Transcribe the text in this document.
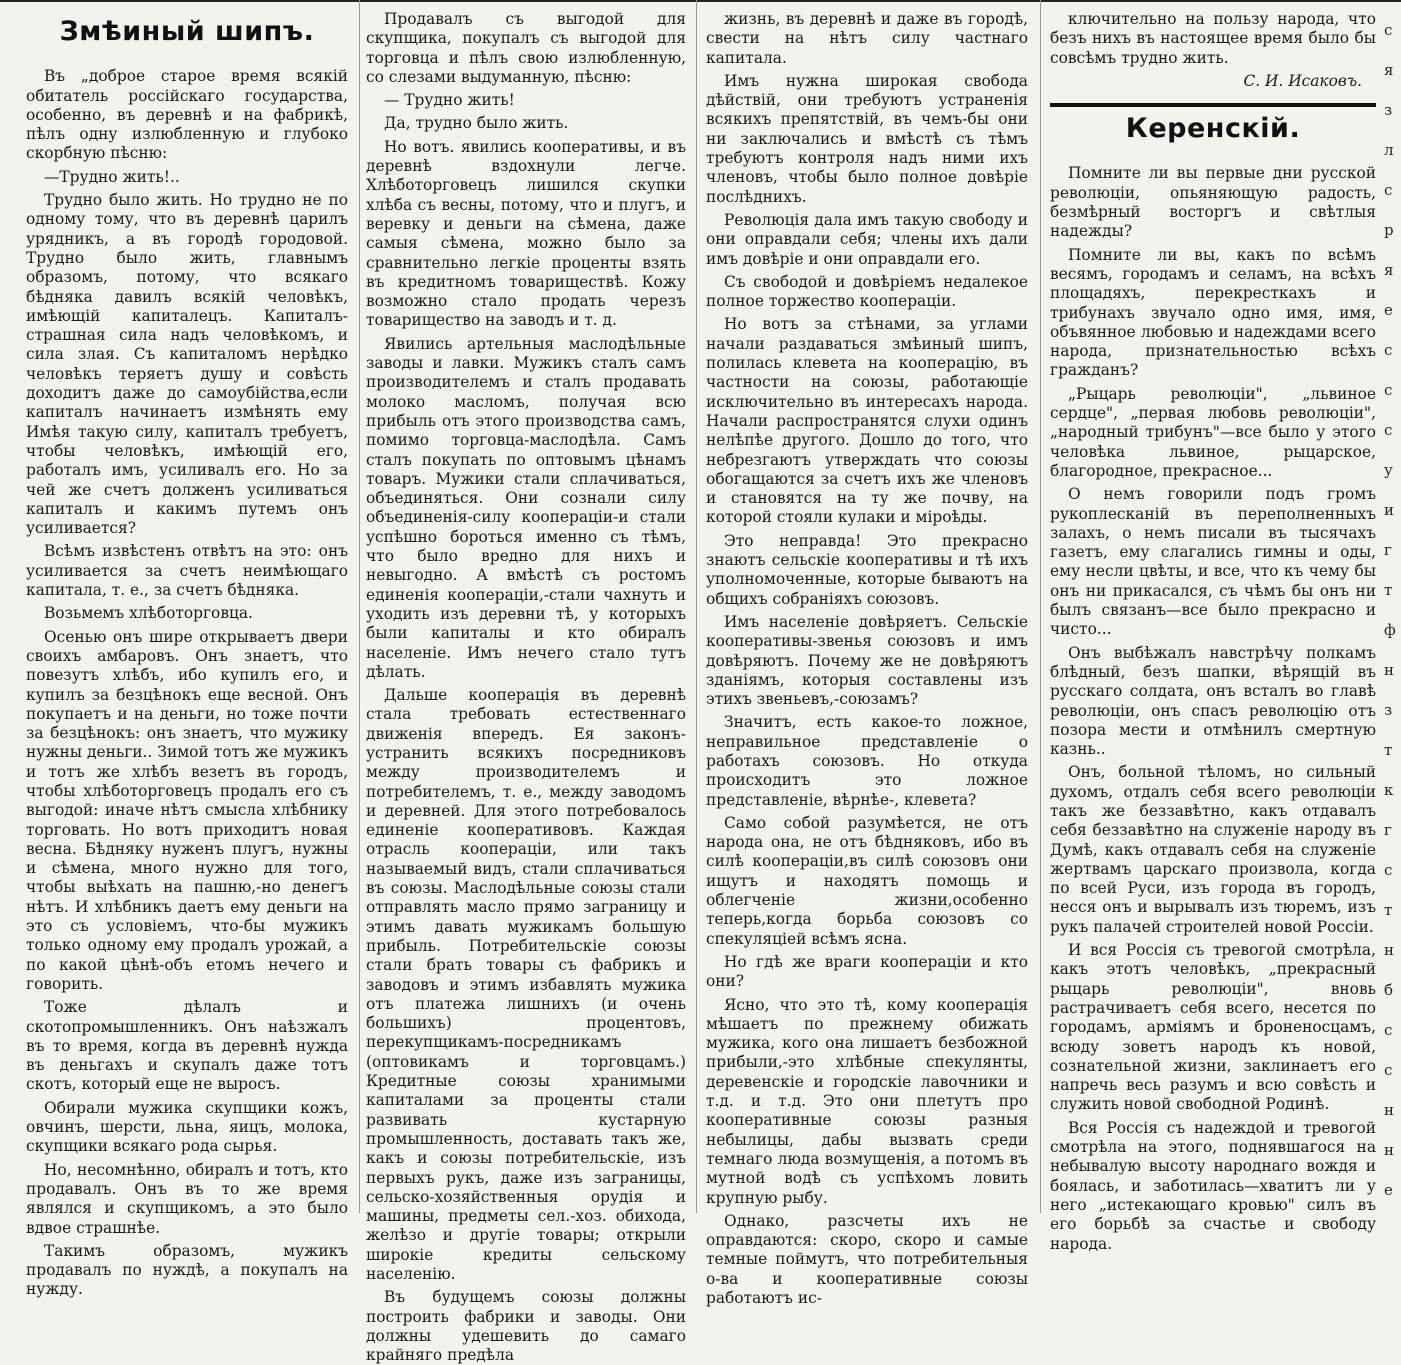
Змѣиный шипъ.

Въ „доброе старое время всякій обитатель россійскаго государства, особенно, въ деревнѣ и на фабрикѣ, пѣлъ одну излюбленную и глубоко скорбную пѣсню:

—Трудно жить!..

Трудно было жить. Но трудно не по одному тому, что въ деревнѣ царилъ урядникъ, а въ городѣ городовой. Трудно было жить, главнымъ образомъ, потому, что всякаго бѣдняка давилъ всякій человѣкъ, имѣющій капиталецъ. Капиталъ-страшная сила надъ человѣкомъ, и сила злая. Съ капиталомъ нерѣдко человѣкъ теряетъ душу и совѣсть доходитъ даже до самоубійства,если капиталъ начинаетъ измѣнять ему Имѣя такую силу, капиталъ требуетъ, чтобы человѣкъ, имѣющій его, работалъ имъ, усиливалъ его. Но за чей же счетъ долженъ усиливаться капиталъ и какимъ путемъ онъ усиливается?

Всѣмъ извѣстенъ отвѣтъ на это: онъ усиливается за счетъ неимѣющаго капитала, т. е., за счетъ бѣдняка.

Возьмемъ хлѣботорговца.

Осенью онъ шире открываетъ двери своихъ амбаровъ. Онъ знаетъ, что повезутъ хлѣбъ, ибо купилъ его, и купилъ за безцѣнокъ еще весной. Онъ покупаетъ и на деньги, но тоже почти за безцѣнокъ: онъ знаетъ, что мужику нужны деньги.. Зимой тотъ же мужикъ и тотъ же хлѣбъ везетъ въ городъ, чтобы хлѣботорговецъ продалъ его съ выгодой: иначе нѣтъ смысла хлѣбнику торговать. Но вотъ приходитъ новая весна. Бѣдняку нуженъ плугъ, нужны и сѣмена, много нужно для того, чтобы выѣхать на пашню,-но денегъ нѣтъ. И хлѣбникъ даетъ ему деньги на это съ условіемъ, что-бы мужикъ только одному ему продалъ урожай, а по какой цѣнѣ-объ етомъ нечего и говорить.

Тоже дѣлалъ и скотопромышленникъ. Онъ наѣзжалъ въ то время, когда въ деревнѣ нужда въ деньгахъ и скупалъ даже тотъ скотъ, который еще не выросъ.

Обирали мужика скупщики кожъ, овчинъ, шерсти, льна, яицъ, молока, скупщики всякаго рода сырья.

Но, несомнѣнно, обиралъ и тотъ, кто продавалъ. Онъ въ то же время являлся и скупщикомъ, а это было вдвое страшнѣе.

Такимъ образомъ, мужикъ продавалъ по нуждѣ, а покупалъ на нужду.

Продавалъ съ выгодой для скупщика, покупалъ съ выгодой для торговца и пѣлъ свою излюбленную, со слезами выдуманную, пѣсню:

— Трудно жить!

Да, трудно было жить.

Но вотъ. явились кооперативы, и въ деревнѣ вздохнули легче. Хлѣботорговецъ лишился скупки хлѣба съ весны, потому, что и плугъ, и веревку и деньги на сѣмена, даже самыя сѣмена, можно было за сравнительно легкіе проценты взять въ кредитномъ товариществѣ. Кожу возможно стало продать черезъ товарищество на заводъ и т. д.

Явились артельныя маслодѣльные заводы и лавки. Мужикъ сталъ самъ производителемъ и сталъ продавать молоко масломъ, получая всю прибыль отъ этого производства самъ, помимо торговца-маслодѣла. Самъ сталъ покупать по оптовымъ цѣнамъ товаръ. Мужики стали сплачиваться, объединяться. Они сознали силу объединенія-силу коопераціи-и стали успѣшно бороться именно съ тѣмъ, что было вредно для нихъ и невыгодно. А вмѣстѣ съ ростомъ единенія коопераціи,-стали чахнуть и уходить изъ деревни тѣ, у которыхъ были капиталы и кто обиралъ населеніе. Имъ нечего стало тутъ дѣлать.

Дальше кооперація въ деревнѣ стала требовать естественнаго движенія впередъ. Ея законъ-устранить всякихъ посредниковъ между производителемъ и потребителемъ, т. е., между заводомъ и деревней. Для этого потребовалось единеніе кооперативовъ. Каждая отрасль коопераціи, или такъ называемый видъ, стали сплачиваться въ союзы. Маслодѣльные союзы стали отправлять масло прямо заграницу и этимъ давать мужикамъ большую прибыль. Потребительскіе союзы стали брать товары съ фабрикъ и заводовъ и этимъ избавлять мужика отъ платежа лишнихъ (и очень большихъ) процентовъ, перекупщикамъ-посредникамъ (оптовикамъ и торговцамъ.) Кредитные союзы хранимыми капиталами за проценты стали развивать кустарную промышленность, доставать такъ же, какъ и союзы потребительскіе, изъ первыхъ рукъ, даже изъ заграницы, сельско-хозяйственныя орудія и машины, предметы сел.-хоз. обихода, желѣзо и другіе товары; открыли широкіе кредиты сельскому населенію.

Въ будущемъ союзы должны построить фабрики и заводы. Они должны удешевить до самаго крайняго предѣла

жизнь, въ деревнѣ и даже въ городѣ, свести на нѣтъ силу частнаго капитала.

Имъ нужна широкая свобода дѣйствій, они требуютъ устраненія всякихъ препятствій, въ чемъ-бы они ни заключались и вмѣстѣ съ тѣмъ требуютъ контроля надъ ними ихъ членовъ, чтобы было полное довѣріе послѣднихъ.

Революція дала имъ такую свободу и они оправдали себя; члены ихъ дали имъ довѣріе и они оправдали его.

Съ свободой и довѣріемъ недалекое полное торжество коопераціи.

Но вотъ за стѣнами, за углами начали раздаваться змѣиный шипъ, полилась клевета на кооперацію, въ частности на союзы, работающіе исключительно въ интересахъ народа. Начали распространятся слухи одинъ нелѣпѣе другого. Дошло до того, что небрезгаютъ утверждать что союзы обогащаются за счетъ ихъ же членовъ и становятся на ту же почву, на которой стояли кулаки и міроѣды.

Это неправда! Это прекрасно знаютъ сельскіе кооперативы и тѣ ихъ уполномоченные, которые бываютъ на общихъ собраніяхъ союзовъ.

Имъ населеніе довѣряетъ. Сельскіе кооперативы-звенья союзовъ и имъ довѣряютъ. Почему же не довѣряютъ зданіямъ, которыя составлены изъ этихъ звеньевъ,-союзамъ?

Значитъ, есть какое-то ложное, неправильное представленіе о работахъ союзовъ. Но откуда происходитъ это ложное представленіе, вѣрнѣе-, клевета?

Само собой разумѣется, не отъ народа она, не отъ бѣдняковъ, ибо въ силѣ коопераціи,въ силѣ союзовъ они ищутъ и находятъ помощь и облегченіе жизни,особенно теперь,когда борьба союзовъ со спекуляціей всѣмъ ясна.

Но гдѣ же враги коопераціи и кто они?

Ясно, что это тѣ, кому кооперація мѣшаетъ по прежнему обижать мужика, кого она лишаетъ безбожной прибыли,-это хлѣбные спекулянты, деревенскіе и городскіе лавочники и т.д. и т.д. Это они плетутъ про кооперативные союзы разныя небылицы, дабы вызвать среди темнаго люда возмущенія, а потомъ въ мутной водѣ съ успѣхомъ ловить крупную рыбу.

Однако, разсчеты ихъ не оправдаются: скоро, скоро и самые темные поймутъ, что потребительныя о-ва и кооперативные союзы работаютъ ис-

ключительно на пользу народа, что безъ нихъ въ настоящее время было бы совсѣмъ трудно жить.

С. И. Исаковъ.
Керенскій.

Помните ли вы первые дни русской революціи, опьяняющую радость, безмѣрный восторгъ и свѣтлыя надежды?

Помните ли вы, какъ по всѣмъ весямъ, городамъ и селамъ, на всѣхъ площадяхъ, перекресткахъ и трибунахъ звучало одно имя, имя, объвянное любовью и надеждами всего народа, признательностью всѣхъ гражданъ?

„Рыцарь революціи", „львиное сердце", „первая любовь революціи", „народный трибунъ"—все было у этого человѣка львиное, рыцарское, благородное, прекрасное...

О немъ говорили подъ громъ рукоплесканій въ переполненныхъ залахъ, о немъ писали въ тысячахъ газетъ, ему слагались гимны и оды, ему несли цвѣты, и все, что къ чему бы онъ ни прикасался, съ чѣмъ бы онъ ни былъ связанъ—все было прекрасно и чисто...

Онъ выбѣжалъ навстрѣчу полкамъ блѣдный, безъ шапки, вѣрящій въ русскаго солдата, онъ всталъ во главѣ революціи, онъ спасъ революцію отъ позора мести и отмѣнилъ смертную казнь..

Онъ, больной тѣломъ, но сильный духомъ, отдалъ себя всего революціи такъ же беззавѣтно, какъ отдавалъ себя беззавѣтно на служеніе народу въ Думѣ, какъ отдавалъ себя на служеніе жертвамъ царскаго произвола, когда по всей Руси, изъ города въ городъ, несся онъ и вырывалъ изъ тюремъ, изъ рукъ палачей строителей новой Россіи.

И вся Россія съ тревогой смотрѣла, какъ этотъ человѣкъ, „прекрасный рыцарь революціи", вновь растрачиваетъ себя всего, несется по городамъ, арміямъ и броненосцамъ, всюду зоветъ народъ къ новой, сознательной жизни, заклинаетъ его напречь весь разумъ и всю совѣсть и служить новой свободной Родинѣ.

Вся Россія съ надеждой и тревогой смотрѣла на этого, поднявшагося на небывалую высоту народнаго вождя и боялась, и заботилась—хватитъ ли у него „истекающаго кровью" силъ въ его борьбѣ за счастье и свободу народа.

с
я
з
л
с
р
я
е
с
с
с
у
и
г
т
ф
н
з
т
к
г
с
т
н
б
с
с
н
н
е
